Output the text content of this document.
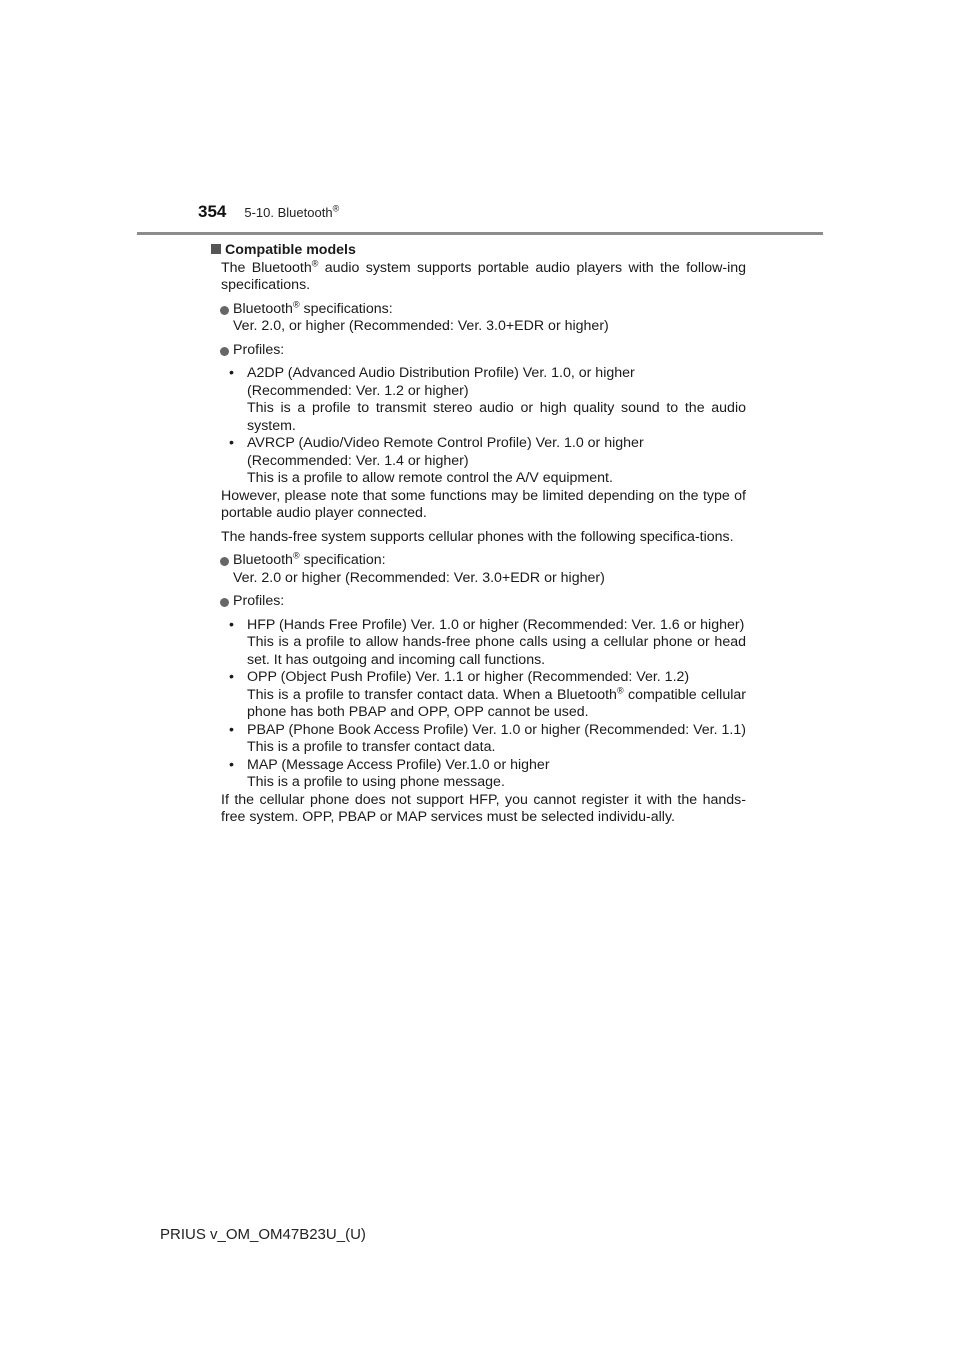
354 5-10. Bluetooth®

Compatible models

The Bluetooth® audio system supports portable audio players with the follow-ing specifications.

Bluetooth® specifications:

Ver. 2.0, or higher (Recommended: Ver. 3.0+EDR or higher)

Profiles:

• A2DP (Advanced Audio Distribution Profile) Ver. 1.0, or higher

(Recommended: Ver. 1.2 or higher)

This is a profile to transmit stereo audio or high quality sound to the audio system.

• AVRCP (Audio/Video Remote Control Profile) Ver. 1.0 or higher

(Recommended: Ver. 1.4 or higher)

This is a profile to allow remote control the A/V equipment.

However, please note that some functions may be limited depending on the type of portable audio player connected.

The hands-free system supports cellular phones with the following specifica-tions.

Bluetooth® specification:

Ver. 2.0 or higher (Recommended: Ver. 3.0+EDR or higher)

Profiles:

• HFP (Hands Free Profile) Ver. 1.0 or higher (Recommended: Ver. 1.6 or higher)

This is a profile to allow hands-free phone calls using a cellular phone or head set. It has outgoing and incoming call functions.

• OPP (Object Push Profile) Ver. 1.1 or higher (Recommended: Ver. 1.2)

This is a profile to transfer contact data. When a Bluetooth® compatible cellular phone has both PBAP and OPP, OPP cannot be used.

• PBAP (Phone Book Access Profile) Ver. 1.0 or higher (Recommended: Ver. 1.1)

This is a profile to transfer contact data.

• MAP (Message Access Profile) Ver.1.0 or higher

This is a profile to using phone message.

If the cellular phone does not support HFP, you cannot register it with the hands-free system. OPP, PBAP or MAP services must be selected individu-ally.

PRIUS v_OM_OM47B23U_(U)
